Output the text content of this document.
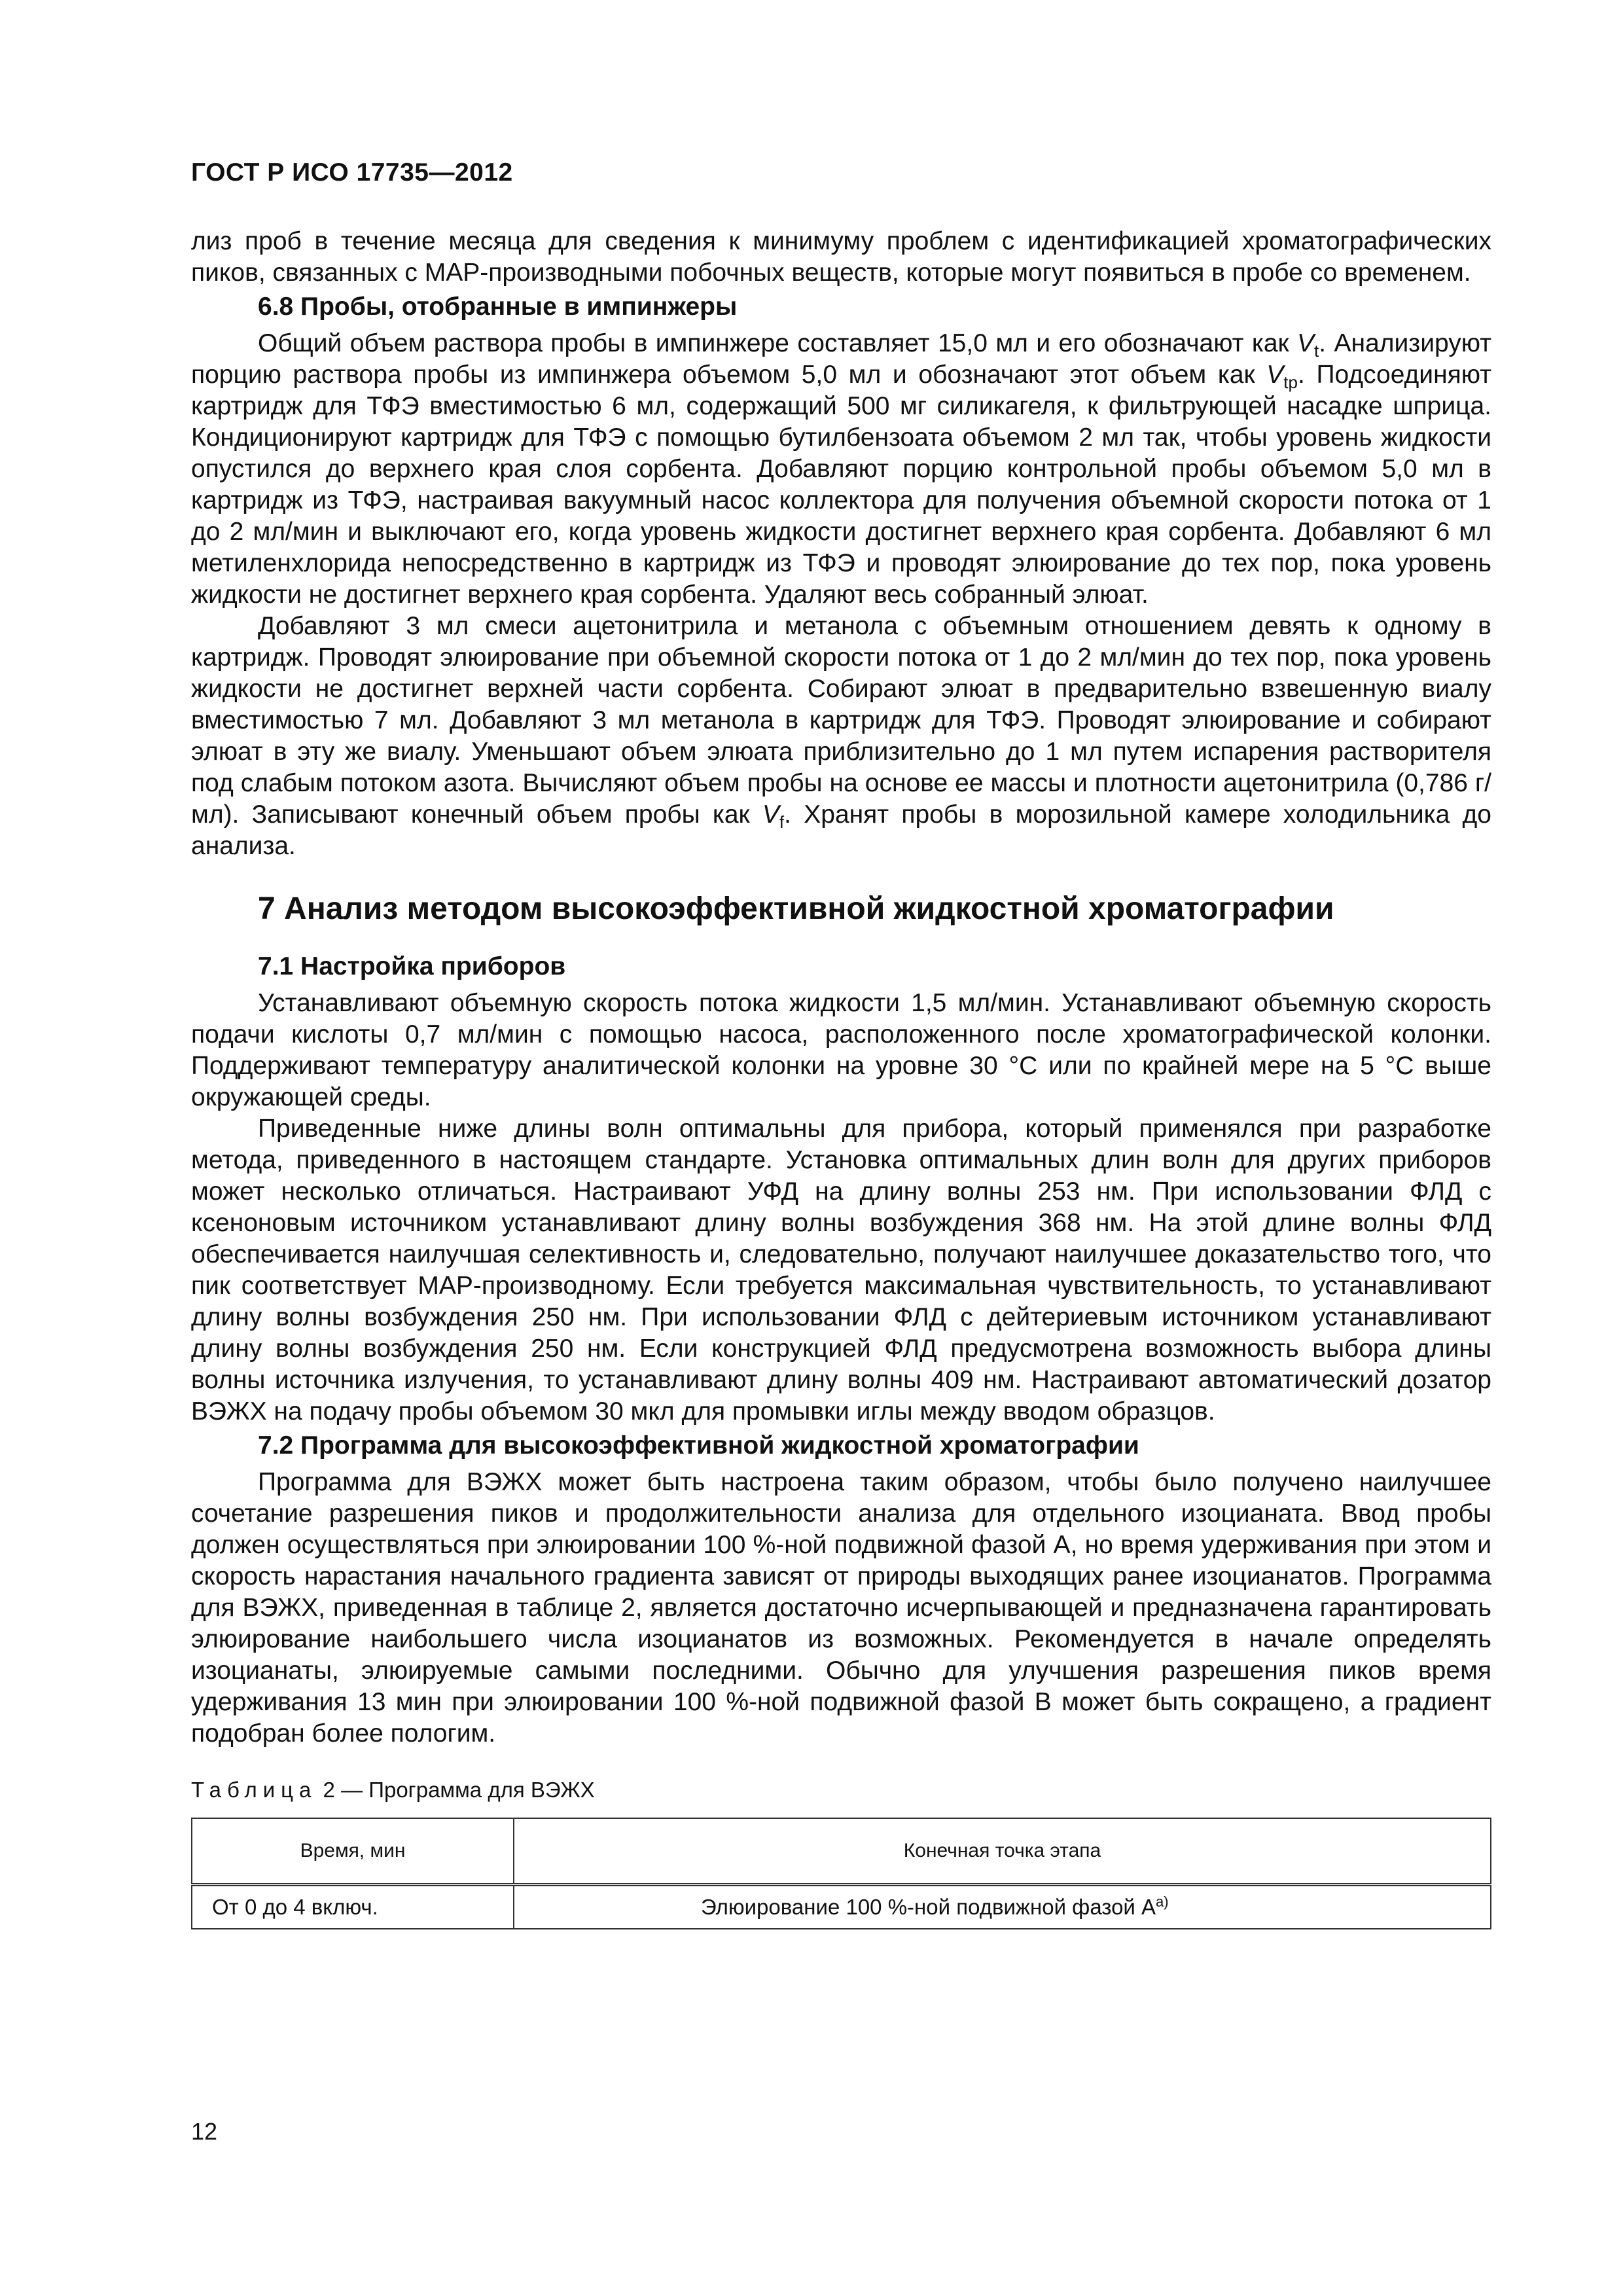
ГОСТ Р ИСО 17735—2012

лиз проб в течение месяца для сведения к минимуму проблем с идентификацией хроматографических пиков, связанных с МАР-производными побочных веществ, которые могут появиться в пробе со временем.

6.8 Пробы, отобранные в импинжеры

Общий объем раствора пробы в импинжере составляет 15,0 мл и его обозначают как $V_t$. Анализируют порцию раствора пробы из импинжера объемом 5,0 мл и обозначают этот объем как $V_{tp}$. Подсоединяют картридж для ТФЭ вместимостью 6 мл, содержащий 500 мг силикагеля, к фильтрующей насадке шприца. Кондиционируют картридж для ТФЭ с помощью бутилбензоата объемом 2 мл так, чтобы уровень жидкости опустился до верхнего края слоя сорбента. Добавляют порцию контрольной пробы объемом 5,0 мл в картридж из ТФЭ, настраивая вакуумный насос коллектора для получения объемной скорости потока от 1 до 2 мл/мин и выключают его, когда уровень жидкости достигнет верхнего края сорбента. Добавляют 6 мл метиленхлорида непосредственно в картридж из ТФЭ и проводят элюирование до тех пор, пока уровень жидкости не достигнет верхнего края сорбента. Удаляют весь собранный элюат.

Добавляют 3 мл смеси ацетонитрила и метанола с объемным отношением девять к одному в картридж. Проводят элюирование при объемной скорости потока от 1 до 2 мл/мин до тех пор, пока уровень жидкости не достигнет верхней части сорбента. Собирают элюат в предварительно взвешенную виалу вместимостью 7 мл. Добавляют 3 мл метанола в картридж для ТФЭ. Проводят элюирование и собирают элюат в эту же виалу. Уменьшают объем элюата приблизительно до 1 мл путем испарения растворителя под слабым потоком азота. Вычисляют объем пробы на основе ее массы и плотности ацетонитрила (0,786 г/мл). Записывают конечный объем пробы как $V_f$. Хранят пробы в морозильной камере холодильника до анализа.

7 Анализ методом высокоэффективной жидкостной хроматографии
7.1 Настройка приборов

Устанавливают объемную скорость потока жидкости 1,5 мл/мин. Устанавливают объемную скорость подачи кислоты 0,7 мл/мин с помощью насоса, расположенного после хроматографической колонки. Поддерживают температуру аналитической колонки на уровне 30 °С или по крайней мере на 5 °С выше окружающей среды.

Приведенные ниже длины волн оптимальны для прибора, который применялся при разработке метода, приведенного в настоящем стандарте. Установка оптимальных длин волн для других приборов может несколько отличаться. Настраивают УФД на длину волны 253 нм. При использовании ФЛД с ксеноновым источником устанавливают длину волны возбуждения 368 нм. На этой длине волны ФЛД обеспечивается наилучшая селективность и, следовательно, получают наилучшее доказательство того, что пик соответствует МАР-производному. Если требуется максимальная чувствительность, то устанавливают длину волны возбуждения 250 нм. При использовании ФЛД с дейтериевым источником устанавливают длину волны возбуждения 250 нм. Если конструкцией ФЛД предусмотрена возможность выбора длины волны источника излучения, то устанавливают длину волны 409 нм. Настраивают автоматический дозатор ВЭЖХ на подачу пробы объемом 30 мкл для промывки иглы между вводом образцов.

7.2 Программа для высокоэффективной жидкостной хроматографии

Программа для ВЭЖХ может быть настроена таким образом, чтобы было получено наилучшее сочетание разрешения пиков и продолжительности анализа для отдельного изоцианата. Ввод пробы должен осуществляться при элюировании 100 %-ной подвижной фазой А, но время удерживания при этом и скорость нарастания начального градиента зависят от природы выходящих ранее изоцианатов. Программа для ВЭЖХ, приведенная в таблице 2, является достаточно исчерпывающей и предназначена гарантировать элюирование наибольшего числа изоцианатов из возможных. Рекомендуется в начале определять изоцианаты, элюируемые самыми последними. Обычно для улучшения разрешения пиков время удерживания 13 мин при элюировании 100 %-ной подвижной фазой В может быть сокращено, а градиент подобран более пологим.

Таблица 2 — Программа для ВЭЖХ
Время, мин	Конечная точка этапа
От 0 до 4 включ.	Элюирование 100 %-ной подвижной фазой $А^{а)}$
12
